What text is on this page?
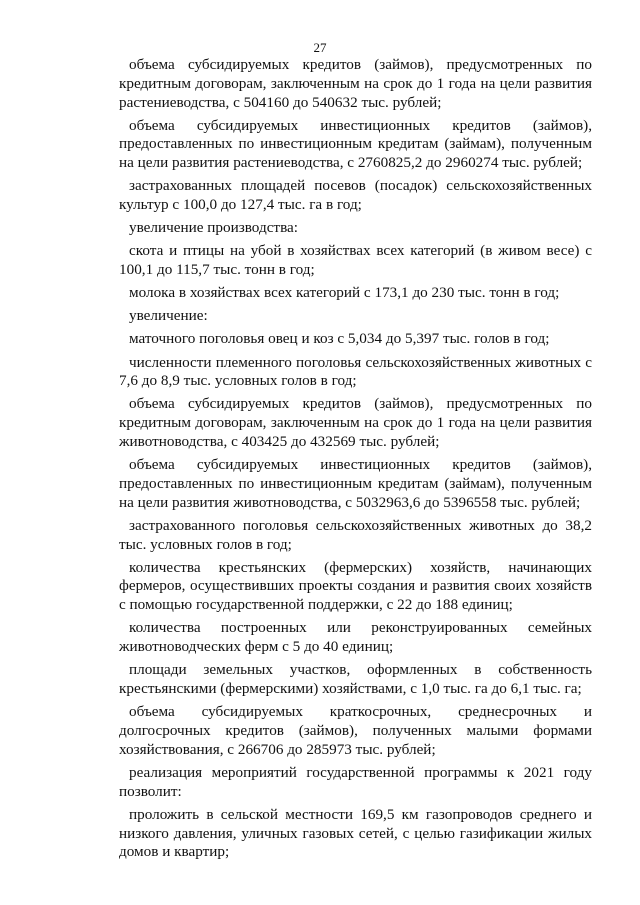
27

объема субсидируемых кредитов (займов), предусмотренных по кредитным договорам, заключенным на срок до 1 года на цели развития растениеводства, с 504160 до 540632 тыс. рублей;

объема субсидируемых инвестиционных кредитов (займов), предоставленных по инвестиционным кредитам (займам), полученным на цели развития растениеводства, с 2760825,2 до 2960274 тыс. рублей;

застрахованных площадей посевов (посадок) сельскохозяйственных культур с 100,0 до 127,4 тыс. га в год;

увеличение производства:

скота и птицы на убой в хозяйствах всех категорий (в живом весе) с 100,1 до 115,7 тыс. тонн в год;

молока в хозяйствах всех категорий с 173,1 до 230 тыс. тонн в год;

увеличение:

маточного поголовья овец и коз с 5,034 до 5,397 тыс. голов в год;

численности племенного поголовья сельскохозяйственных животных с 7,6 до 8,9 тыс. условных голов в год;

объема субсидируемых кредитов (займов), предусмотренных по кредитным договорам, заключенным на срок до 1 года на цели развития животноводства, с 403425 до 432569 тыс. рублей;

объема субсидируемых инвестиционных кредитов (займов), предоставленных по инвестиционным кредитам (займам), полученным на цели развития животноводства, с 5032963,6 до 5396558 тыс. рублей;

застрахованного поголовья сельскохозяйственных животных до 38,2 тыс. условных голов в год;

количества крестьянских (фермерских) хозяйств, начинающих фермеров, осуществивших проекты создания и развития своих хозяйств с помощью государственной поддержки, с 22 до 188 единиц;

количества построенных или реконструированных семейных животноводческих ферм с 5 до 40 единиц;

площади земельных участков, оформленных в собственность крестьянскими (фермерскими) хозяйствами, с 1,0 тыс. га до 6,1 тыс. га;

объема субсидируемых краткосрочных, среднесрочных и долгосрочных кредитов (займов), полученных малыми формами хозяйствования, с 266706 до 285973 тыс. рублей;

реализация мероприятий государственной программы к 2021 году позволит:

проложить в сельской местности 169,5 км газопроводов среднего и низкого давления, уличных газовых сетей, с целью газификации жилых домов и квартир;
